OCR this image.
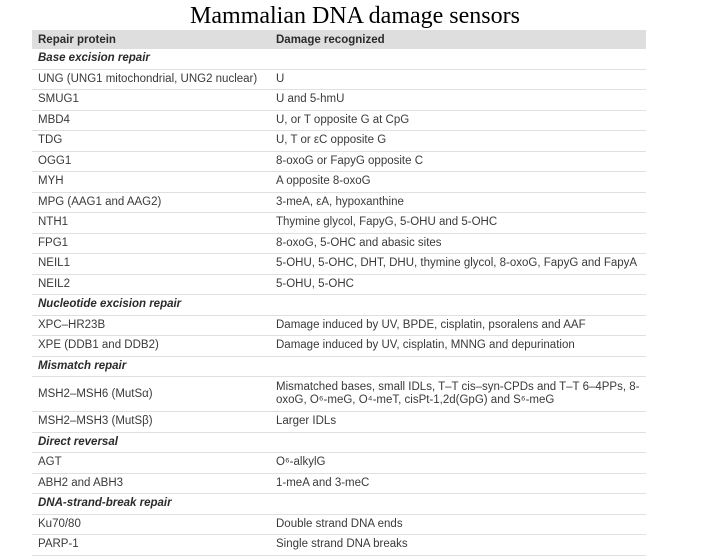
Mammalian DNA damage sensors
Repair protein	Damage recognized
Base excision repair	
UNG (UNG1 mitochondrial, UNG2 nuclear)	U
SMUG1	U and 5-hmU
MBD4	U, or T opposite G at CpG
TDG	U, T or εC opposite G
OGG1	8-oxoG or FapyG opposite C
MYH	A opposite 8-oxoG
MPG (AAG1 and AAG2)	3-meA, εA, hypoxanthine
NTH1	Thymine glycol, FapyG, 5-OHU and 5-OHC
FPG1	8-oxoG, 5-OHC and abasic sites
NEIL1	5-OHU, 5-OHC, DHT, DHU, thymine glycol, 8-oxoG, FapyG and FapyA
NEIL2	5-OHU, 5-OHC
Nucleotide excision repair	
XPC–HR23B	Damage induced by UV, BPDE, cisplatin, psoralens and AAF
XPE (DDB1 and DDB2)	Damage induced by UV, cisplatin, MNNG and depurination
Mismatch repair	
MSH2–MSH6 (MutSα)	Mismatched bases, small IDLs, T–T cis–syn-CPDs and T–T 6–4PPs, 8-oxoG, O⁶-meG, O⁴-meT, cisPt-1,2d(GpG) and S⁶-meG
MSH2–MSH3 (MutSβ)	Larger IDLs
Direct reversal	
AGT	O⁶-alkylG
ABH2 and ABH3	1-meA and 3-meC
DNA-strand-break repair	
Ku70/80	Double strand DNA ends
PARP-1	Single strand DNA breaks
